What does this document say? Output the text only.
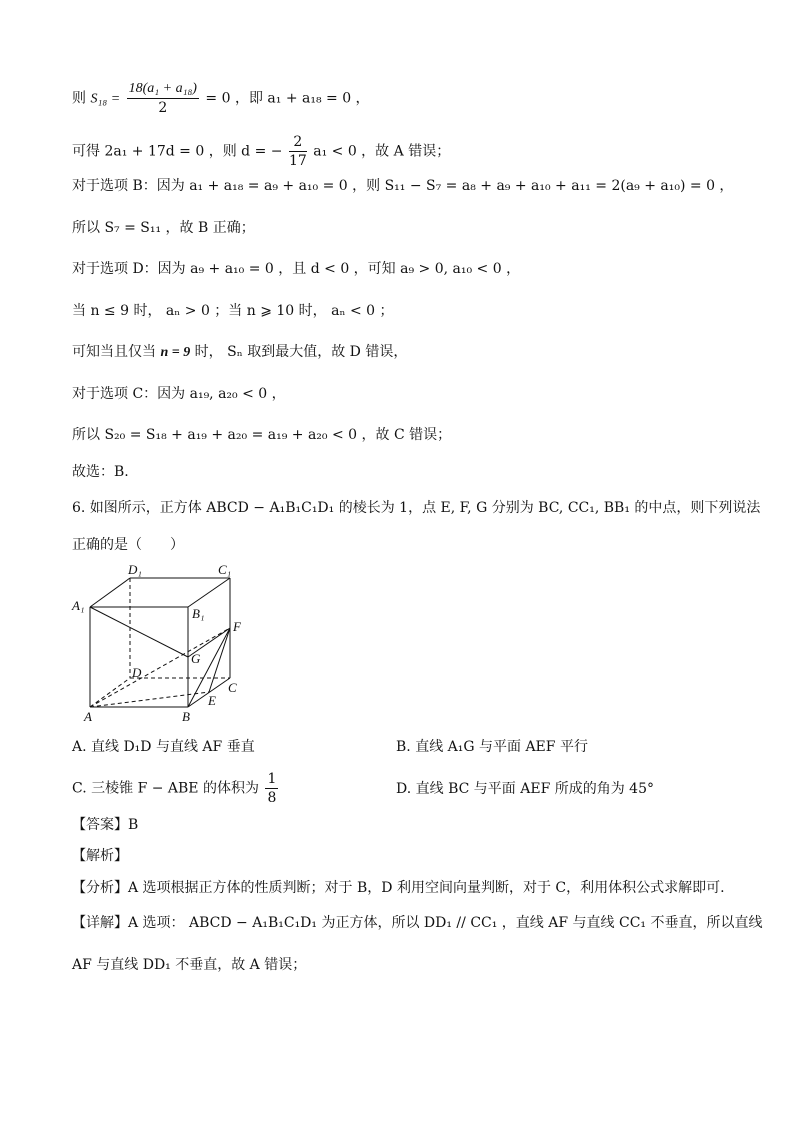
则 $S_{18} = \frac{\text{18(a₁ + a₁₈)}}{2} = 0$ ，即 a₁ + a₁₈ = 0 ，
可得 2a₁ + 17d = 0 ，则 d = − $\frac{2}{17} a_1 < 0$ ，故 A 错误；
对于选项 B：因为 a₁ + a₁₈ = a₉ + a₁₀ = 0 ，则 S₁₁ − S₇ = a₈ + a₉ + a₁₀ + a₁₁ = 2(a₉ + a₁₀) = 0 ，
所以 S₇ = S₁₁ ，故 B 正确；
对于选项 D：因为 a₉ + a₁₀ = 0 ，且 d < 0 ，可知 a₉ > 0, a₁₀ < 0 ，
当 n ≤ 9 时， aₙ > 0 ；当 n ⩾ 10 时， aₙ < 0 ；
可知当且仅当 n = 9 时， Sₙ 取到最大值，故 D 错误，
对于选项 C：因为 a₁₉, a₂₀ < 0 ，
所以 S₂₀ = S₁₈ + a₁₉ + a₂₀ = a₁₉ + a₂₀ < 0 ，故 C 错误；
故选：B.
6. 如图所示，正方体 ABCD − A₁B₁C₁D₁ 的棱长为 1，点 E, F, G 分别为 BC, CC₁, BB₁ 的中点，则下列说法
正确的是（　　）
D₁	C₁
A₁
B₁
F
G
D
C
E
A	B
A. 直线 D₁D 与直线 AF 垂直	B. 直线 A₁G 与平面 AEF 平行
C. 三棱锥 F − ABE 的体积为 $\frac{1}{8}$	D. 直线 BC 与平面 AEF 所成的角为 45°
【答案】B
【解析】
【分析】A 选项根据正方体的性质判断；对于 B，D 利用空间向量判断，对于 C，利用体积公式求解即可.
【详解】A 选项： ABCD − A₁B₁C₁D₁ 为正方体，所以 DD₁ // CC₁ ，直线 AF 与直线 CC₁ 不垂直，所以直线
AF 与直线 DD₁ 不垂直，故 A 错误；
